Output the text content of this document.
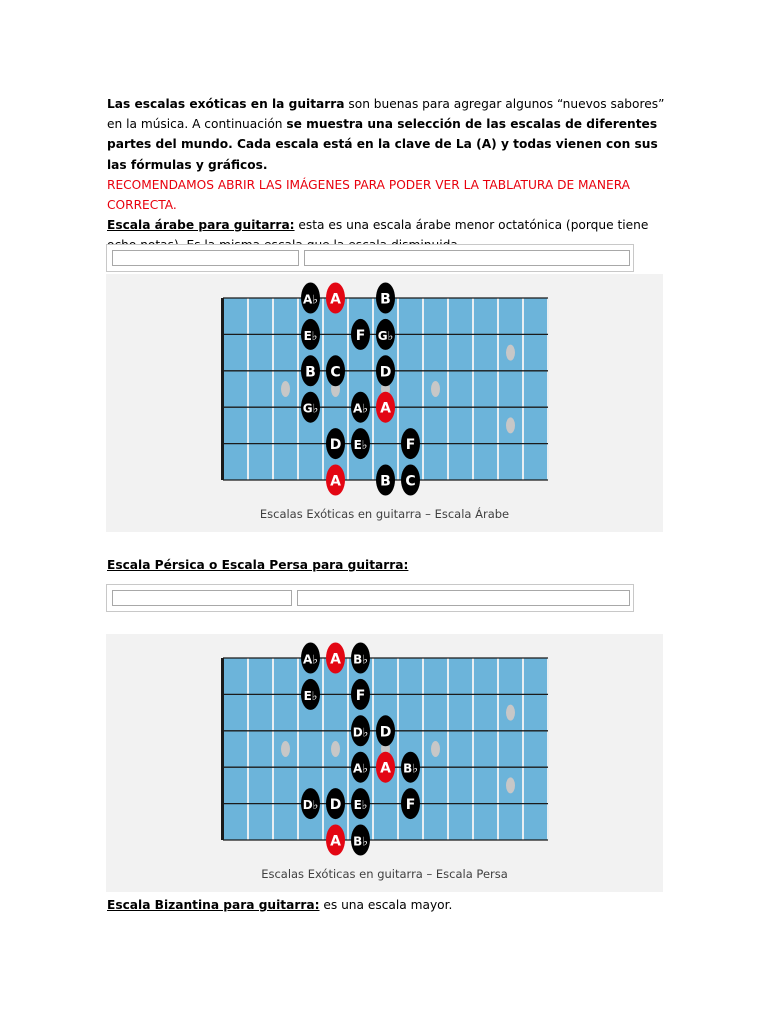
Las escalas exóticas en la guitarra son buenas para agregar algunos “nuevos sabores” en la música. A continuación se muestra una selección de las escalas de diferentes partes del mundo. Cada escala está en la clave de La (A) y todas vienen con sus las fórmulas y gráficos.
RECOMENDAMOS ABRIR LAS IMÁGENES PARA PODER VER LA TABLATURA DE MANERA CORRECTA.
Escala árabe para guitarra: esta es una escala árabe menor octatónica (porque tiene
A♭ A	B
E♭	F G♭
B C	D
G♭	A♭ A
D E♭	F
A	B C
Escalas Exóticas en guitarra – Escala Árabe
Escala Pérsica o Escala Persa para guitarra:
A♭ A B♭
E♭	F
D♭ D
A♭ A B♭
D♭ D E♭	F
A B♭
Escalas Exóticas en guitarra – Escala Persa
Escala Bizantina para guitarra: es una escala mayor.
